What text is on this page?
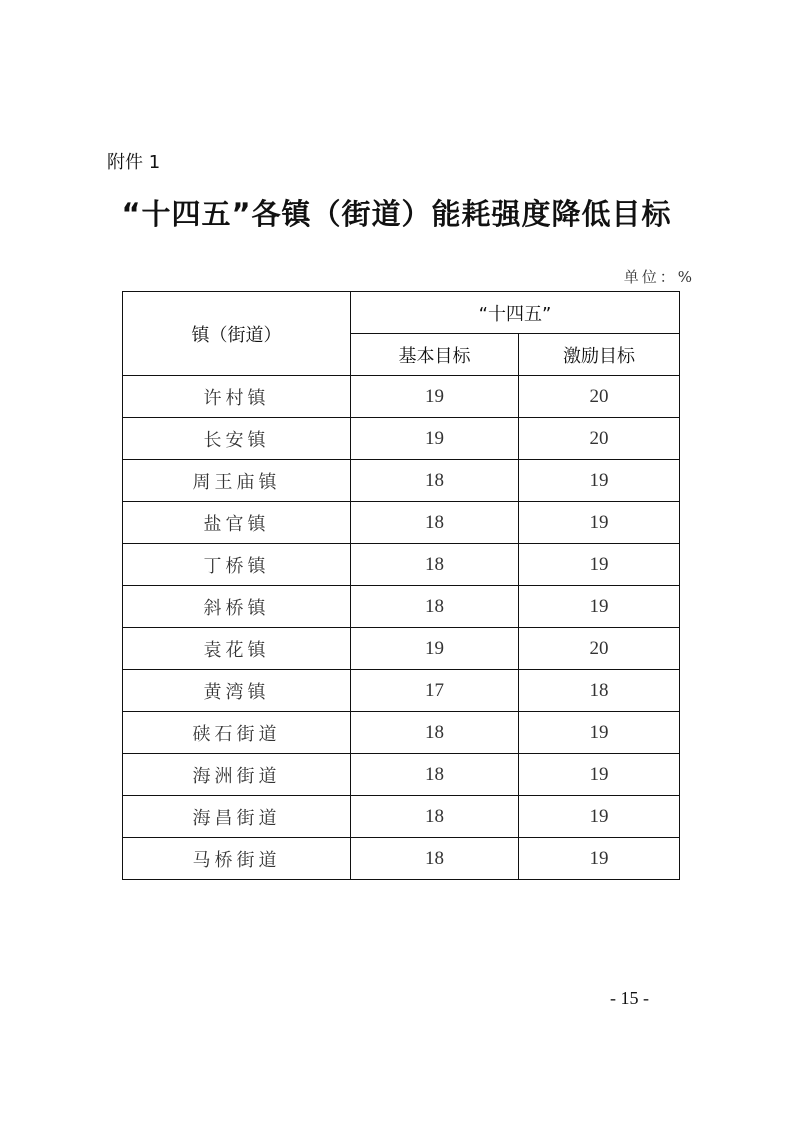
附件 1
“十四五”各镇（街道）能耗强度降低目标
单位：%
镇（街道）	“十四五”	
	基本目标	激励目标
许村镇	19	20
长安镇	19	20
周王庙镇	18	19
盐官镇	18	19
丁桥镇	18	19
斜桥镇	18	19
袁花镇	19	20
黄湾镇	17	18
硖石街道	18	19
海洲街道	18	19
海昌街道	18	19
马桥街道	18	19
- 15 -
